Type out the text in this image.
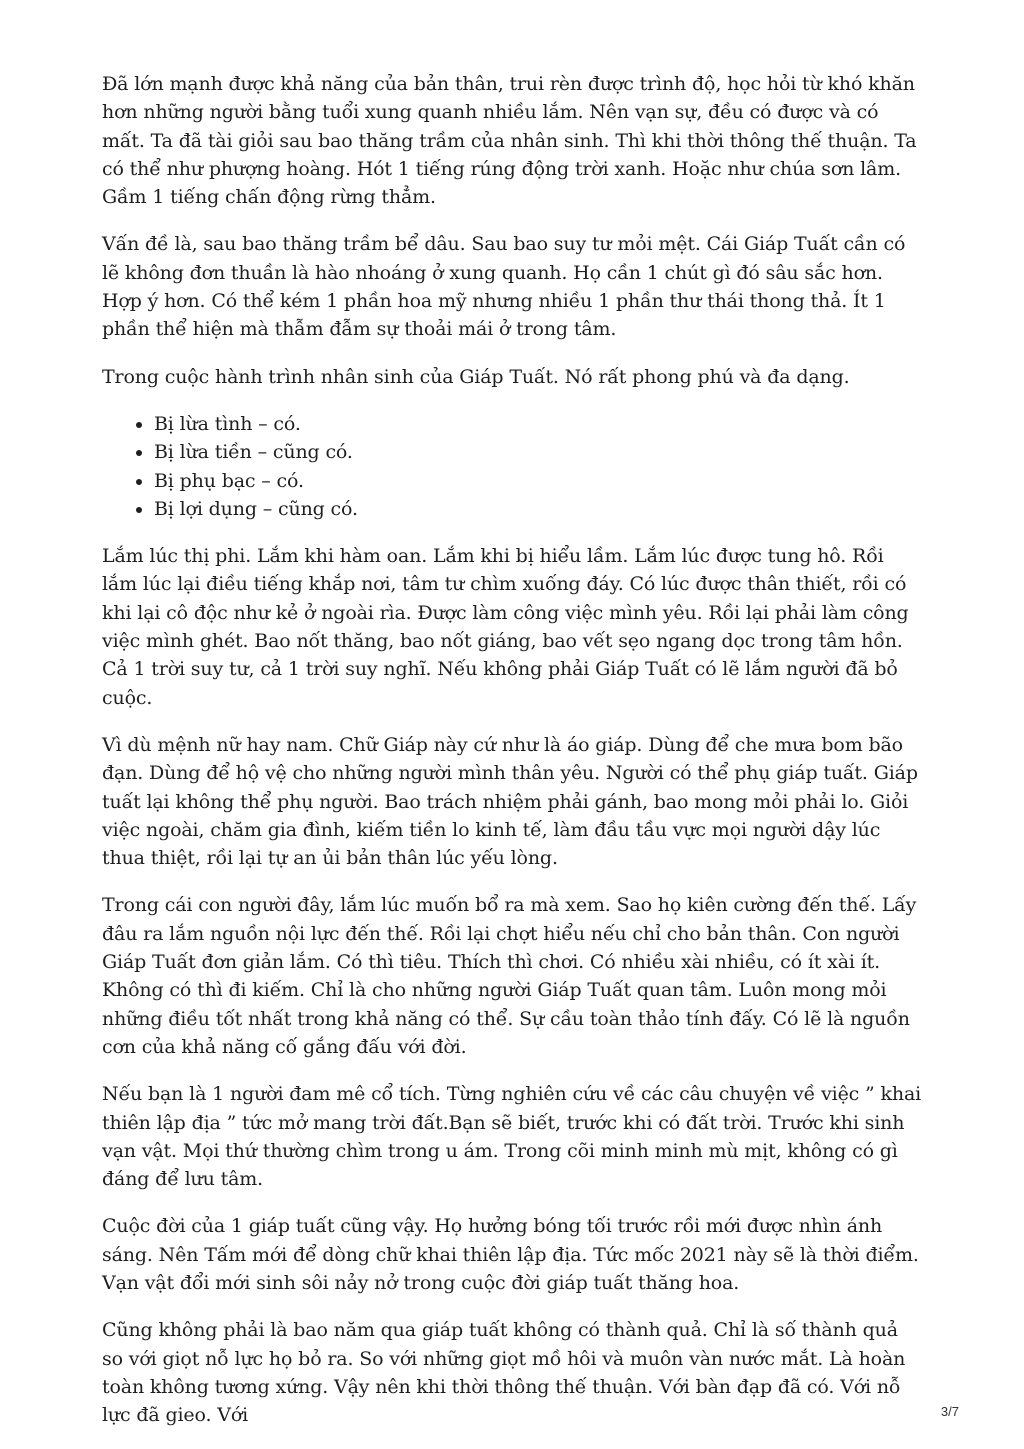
Đã lớn mạnh được khả năng của bản thân, trui rèn được trình độ, học hỏi từ khó khăn hơn những người bằng tuổi xung quanh nhiều lắm. Nên vạn sự, đều có được và có mất. Ta đã tài giỏi sau bao thăng trầm của nhân sinh. Thì khi thời thông thế thuận. Ta có thể như phượng hoàng. Hót 1 tiếng rúng động trời xanh. Hoặc như chúa sơn lâm. Gầm 1 tiếng chấn động rừng thẳm.

Vấn đề là, sau bao thăng trầm bể dâu. Sau bao suy tư mỏi mệt. Cái Giáp Tuất cần có lẽ không đơn thuần là hào nhoáng ở xung quanh. Họ cần 1 chút gì đó sâu sắc hơn. Hợp ý hơn. Có thể kém 1 phần hoa mỹ nhưng nhiều 1 phần thư thái thong thả. Ít 1 phần thể hiện mà thẫm đẫm sự thoải mái ở trong tâm.

Trong cuộc hành trình nhân sinh của Giáp Tuất. Nó rất phong phú và đa dạng.

• Bị lừa tình – có.
• Bị lừa tiền – cũng có.
• Bị phụ bạc – có.
• Bị lợi dụng – cũng có.

Lắm lúc thị phi. Lắm khi hàm oan. Lắm khi bị hiểu lầm. Lắm lúc được tung hô. Rồi lắm lúc lại điều tiếng khắp nơi, tâm tư chìm xuống đáy. Có lúc được thân thiết, rồi có khi lại cô độc như kẻ ở ngoài rìa. Được làm công việc mình yêu. Rồi lại phải làm công việc mình ghét. Bao nốt thăng, bao nốt giáng, bao vết sẹo ngang dọc trong tâm hồn. Cả 1 trời suy tư, cả 1 trời suy nghĩ. Nếu không phải Giáp Tuất có lẽ lắm người đã bỏ cuộc.

Vì dù mệnh nữ hay nam. Chữ Giáp này cứ như là áo giáp. Dùng để che mưa bom bão đạn. Dùng để hộ vệ cho những người mình thân yêu. Người có thể phụ giáp tuất. Giáp tuất lại không thể phụ người. Bao trách nhiệm phải gánh, bao mong mỏi phải lo. Giỏi việc ngoài, chăm gia đình, kiếm tiền lo kinh tế, làm đầu tầu vực mọi người dậy lúc thua thiệt, rồi lại tự an ủi bản thân lúc yếu lòng.

Trong cái con người đây, lắm lúc muốn bổ ra mà xem. Sao họ kiên cường đến thế. Lấy đâu ra lắm nguồn nội lực đến thế. Rồi lại chợt hiểu nếu chỉ cho bản thân. Con người Giáp Tuất đơn giản lắm. Có thì tiêu. Thích thì chơi. Có nhiều xài nhiều, có ít xài ít. Không có thì đi kiếm. Chỉ là cho những người Giáp Tuất quan tâm. Luôn mong mỏi những điều tốt nhất trong khả năng có thể. Sự cầu toàn thảo tính đấy. Có lẽ là nguồn cơn của khả năng cố gắng đấu với đời.

Nếu bạn là 1 người đam mê cổ tích. Từng nghiên cứu về các câu chuyện về việc ” khai thiên lập địa ” tức mở mang trời đất.Bạn sẽ biết, trước khi có đất trời. Trước khi sinh vạn vật. Mọi thứ thường chìm trong u ám. Trong cõi minh minh mù mịt, không có gì đáng để lưu tâm.

Cuộc đời của 1 giáp tuất cũng vậy. Họ hưởng bóng tối trước rồi mới được nhìn ánh sáng. Nên Tấm mới để dòng chữ khai thiên lập địa. Tức mốc 2021 này sẽ là thời điểm. Vạn vật đổi mới sinh sôi nảy nở trong cuộc đời giáp tuất thăng hoa.

Cũng không phải là bao năm qua giáp tuất không có thành quả. Chỉ là số thành quả so với giọt nỗ lực họ bỏ ra. So với những giọt mồ hôi và muôn vàn nước mắt. Là hoàn toàn không tương xứng. Vậy nên khi thời thông thế thuận. Với bàn đạp đã có. Với nỗ lực đã gieo. Với	3/7
